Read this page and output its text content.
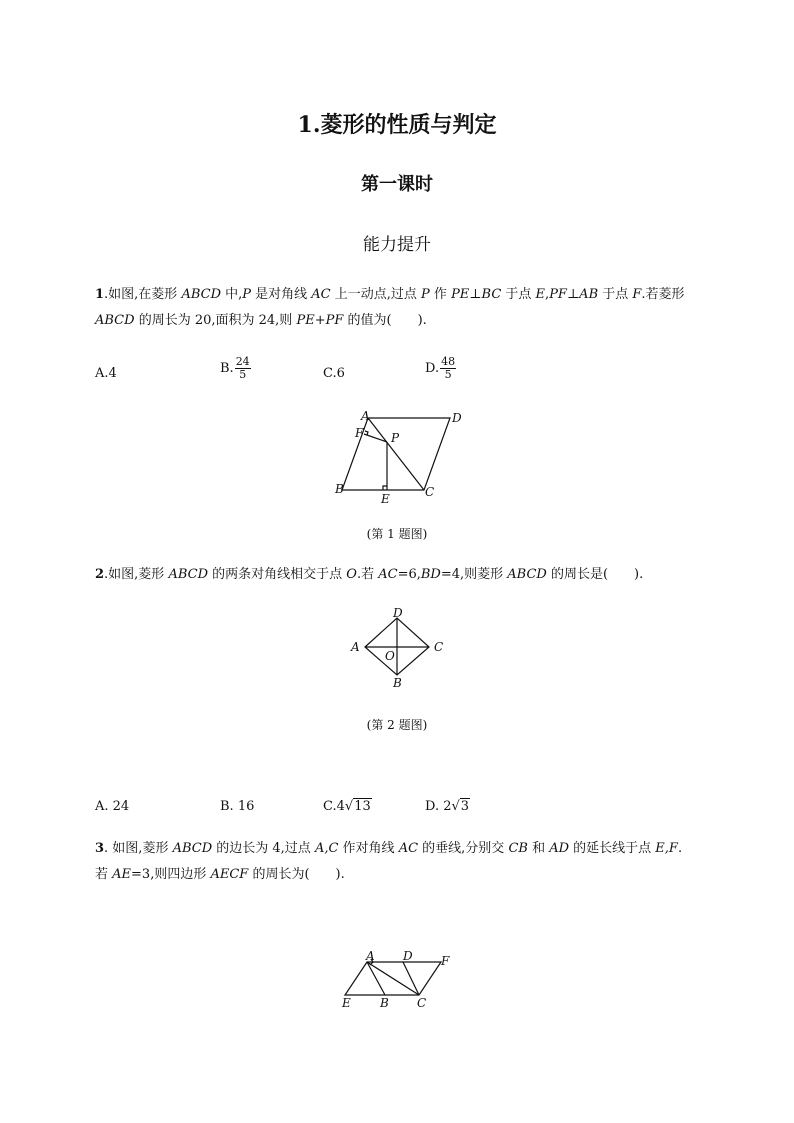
1.菱形的性质与判定
第一课时
能力提升
1.如图,在菱形 ABCD 中,P 是对角线 AC 上一动点,过点 P 作 PE⊥BC 于点 E,PF⊥AB 于点 F.若菱形
ABCD 的周长为 20,面积为 24,则 PE+PF 的值为(　　).
A.4	B. $\frac{24}{5}$	C.6	D. $\frac{48}{5}$
A	D
F P
B
E	C
(第 1 题图)
2.如图,菱形 ABCD 的两条对角线相交于点 O.若 AC=6,BD=4,则菱形 ABCD 的周长是(　　).
A
D
C
B
O
(第 2 题图)
A. 24	B. 16	C.4√13	D. 2√3
3. 如图,菱形 ABCD 的边长为 4,过点 A,C 作对角线 AC 的垂线,分别交 CB 和 AD 的延长线于点 E,F.
若 AE=3,则四边形 AECF 的周长为(　　).
A D F
E B C
